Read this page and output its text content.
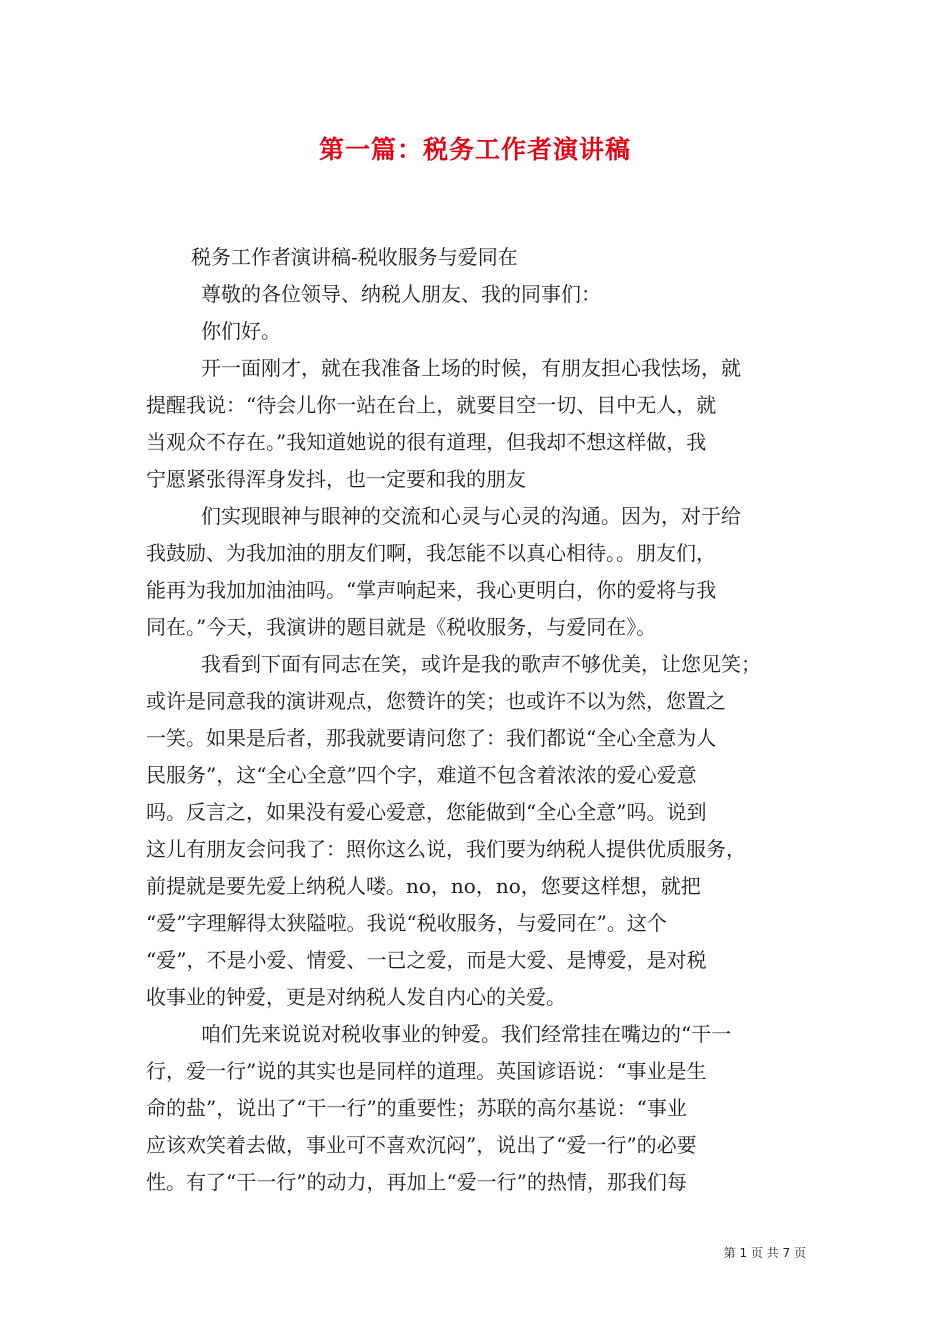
第一篇：税务工作者演讲稿

税务工作者演讲稿-税收服务与爱同在

尊敬的各位领导、纳税人朋友、我的同事们：

你们好。

开一面刚才，就在我准备上场的时候，有朋友担心我怯场，就

提醒我说：“待会儿你一站在台上，就要目空一切、目中无人，就

当观众不存在。”我知道她说的很有道理，但我却不想这样做，我

宁愿紧张得浑身发抖，也一定要和我的朋友

们实现眼神与眼神的交流和心灵与心灵的沟通。因为，对于给

我鼓励、为我加油的朋友们啊，我怎能不以真心相待。。朋友们，

能再为我加加油油吗。“掌声响起来，我心更明白，你的爱将与我

同在。”今天，我演讲的题目就是《税收服务，与爱同在》。

我看到下面有同志在笑，或许是我的歌声不够优美，让您见笑；

或许是同意我的演讲观点，您赞许的笑；也或许不以为然，您置之

一笑。如果是后者，那我就要请问您了：我们都说“全心全意为人

民服务”，这“全心全意”四个字，难道不包含着浓浓的爱心爱意

吗。反言之，如果没有爱心爱意，您能做到“全心全意”吗。说到

这儿有朋友会问我了：照你这么说，我们要为纳税人提供优质服务，

前提就是要先爱上纳税人喽。no，no，no，您要这样想，就把

“爱”字理解得太狭隘啦。我说“税收服务，与爱同在”。这个

“爱”，不是小爱、情爱、一已之爱，而是大爱、是博爱，是对税

收事业的钟爱，更是对纳税人发自内心的关爱。

咱们先来说说对税收事业的钟爱。我们经常挂在嘴边的“干一

行，爱一行”说的其实也是同样的道理。英国谚语说：“事业是生

命的盐”，说出了“干一行”的重要性；苏联的高尔基说：“事业

应该欢笑着去做，事业可不喜欢沉闷”，说出了“爱一行”的必要

性。有了“干一行”的动力，再加上“爱一行”的热情，那我们每

第 1 页 共 7 页
